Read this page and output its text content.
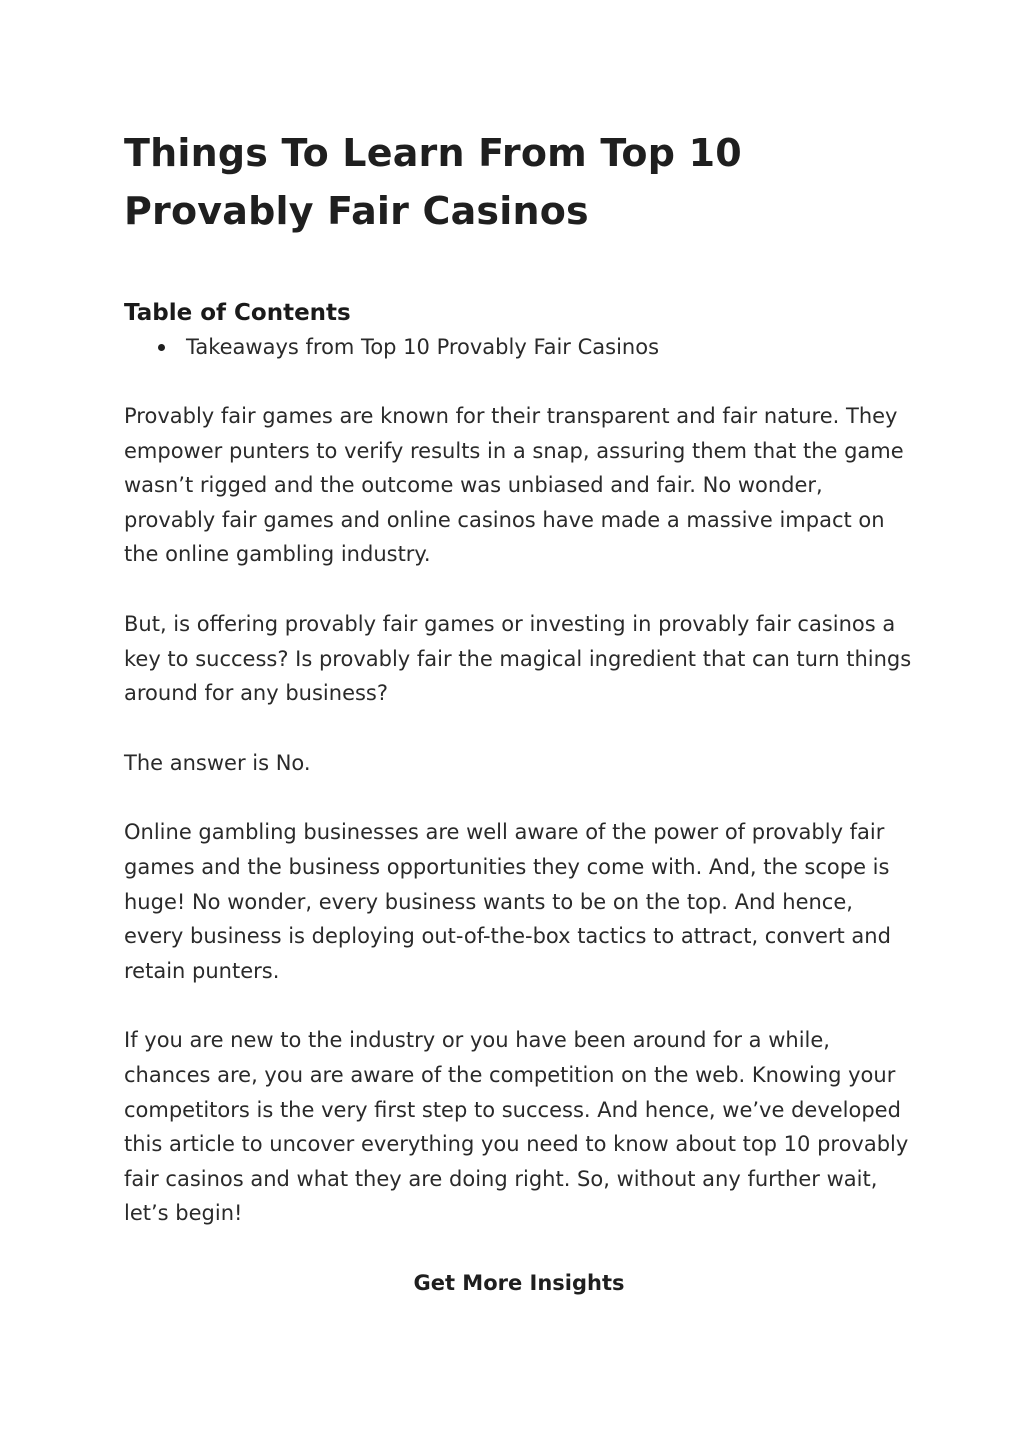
Things To Learn From Top 10 Provably Fair Casinos
Table of Contents
Takeaways from Top 10 Provably Fair Casinos

Provably fair games are known for their transparent and fair nature. They empower punters to verify results in a snap, assuring them that the game wasn’t rigged and the outcome was unbiased and fair. No wonder, provably fair games and online casinos have made a massive impact on the online gambling industry.

But, is offering provably fair games or investing in provably fair casinos a key to success? Is provably fair the magical ingredient that can turn things around for any business?

The answer is No.

Online gambling businesses are well aware of the power of provably fair games and the business opportunities they come with. And, the scope is huge! No wonder, every business wants to be on the top. And hence, every business is deploying out-of-the-box tactics to attract, convert and retain punters.

If you are new to the industry or you have been around for a while, chances are, you are aware of the competition on the web. Knowing your competitors is the very first step to success. And hence, we’ve developed this article to uncover everything you need to know about top 10 provably fair casinos and what they are doing right. So, without any further wait, let’s begin!

Get More Insights
